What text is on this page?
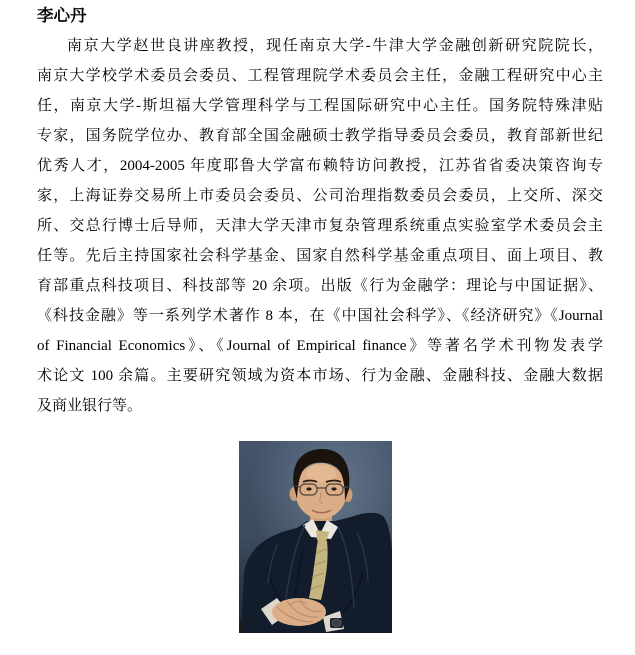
李心丹
南京大学赵世良讲座教授，现任南京大学-牛津大学金融创新研究院院长，
南京大学校学术委员会委员、工程管理院学术委员会主任，金融工程研究中心主
任，南京大学-斯坦福大学管理科学与工程国际研究中心主任。国务院特殊津贴
专家，国务院学位办、教育部全国金融硕士教学指导委员会委员，教育部新世纪
优秀人才，2004-2005 年度耶鲁大学富布赖特访问教授，江苏省省委决策咨询专
家，上海证券交易所上市委员会委员、公司治理指数委员会委员，上交所、深交
所、交总行博士后导师，天津大学天津市复杂管理系统重点实验室学术委员会主
任等。先后主持国家社会科学基金、国家自然科学基金重点项目、面上项目、教
育部重点科技项目、科技部等 20 余项。出版《行为金融学：理论与中国证据》、
《科技金融》等一系列学术著作 8 本，在《中国社会科学》、《经济研究》《Journal
of Financial Economics》、《Journal of Empirical finance》等著名学术刊物发表学
术论文 100 余篇。主要研究领域为资本市场、行为金融、金融科技、金融大数据
及商业银行等。
